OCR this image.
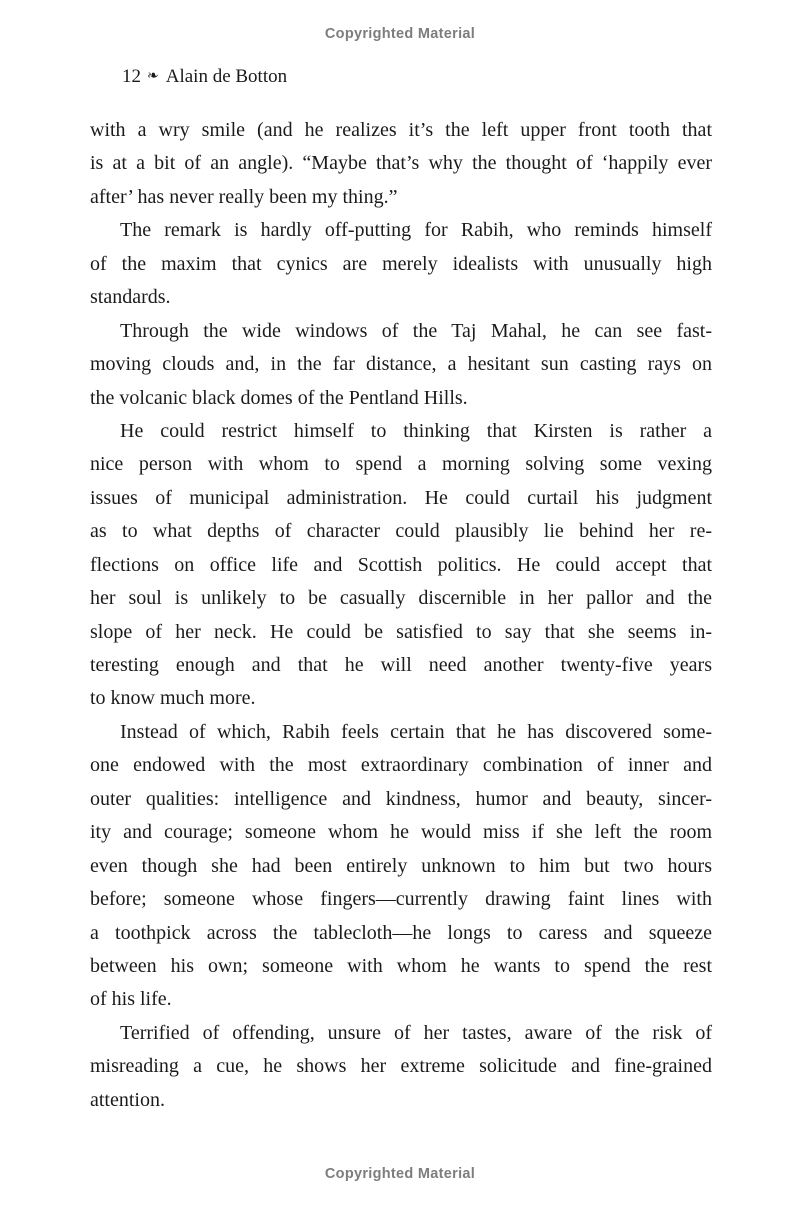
Copyrighted Material
12 ❧ Alain de Botton
with a wry smile (and he realizes it’s the left upper front tooth that
is at a bit of an angle). “Maybe that’s why the thought of ‘happily ever
after’ has never really been my thing.”
The remark is hardly off-putting for Rabih, who reminds himself
of the maxim that cynics are merely idealists with unusually high
standards.
Through the wide windows of the Taj Mahal, he can see fast-
moving clouds and, in the far distance, a hesitant sun casting rays on
the volcanic black domes of the Pentland Hills.
He could restrict himself to thinking that Kirsten is rather a
nice person with whom to spend a morning solving some vexing
issues of municipal administration. He could curtail his judgment
as to what depths of character could plausibly lie behind her re-
flections on office life and Scottish politics. He could accept that
her soul is unlikely to be casually discernible in her pallor and the
slope of her neck. He could be satisfied to say that she seems in-
teresting enough and that he will need another twenty-five years
to know much more.
Instead of which, Rabih feels certain that he has discovered some-
one endowed with the most extraordinary combination of inner and
outer qualities: intelligence and kindness, humor and beauty, sincer-
ity and courage; someone whom he would miss if she left the room
even though she had been entirely unknown to him but two hours
before; someone whose fingers—currently drawing faint lines with
a toothpick across the tablecloth—he longs to caress and squeeze
between his own; someone with whom he wants to spend the rest
of his life.
Terrified of offending, unsure of her tastes, aware of the risk of
misreading a cue, he shows her extreme solicitude and fine-grained
attention.
Copyrighted Material
